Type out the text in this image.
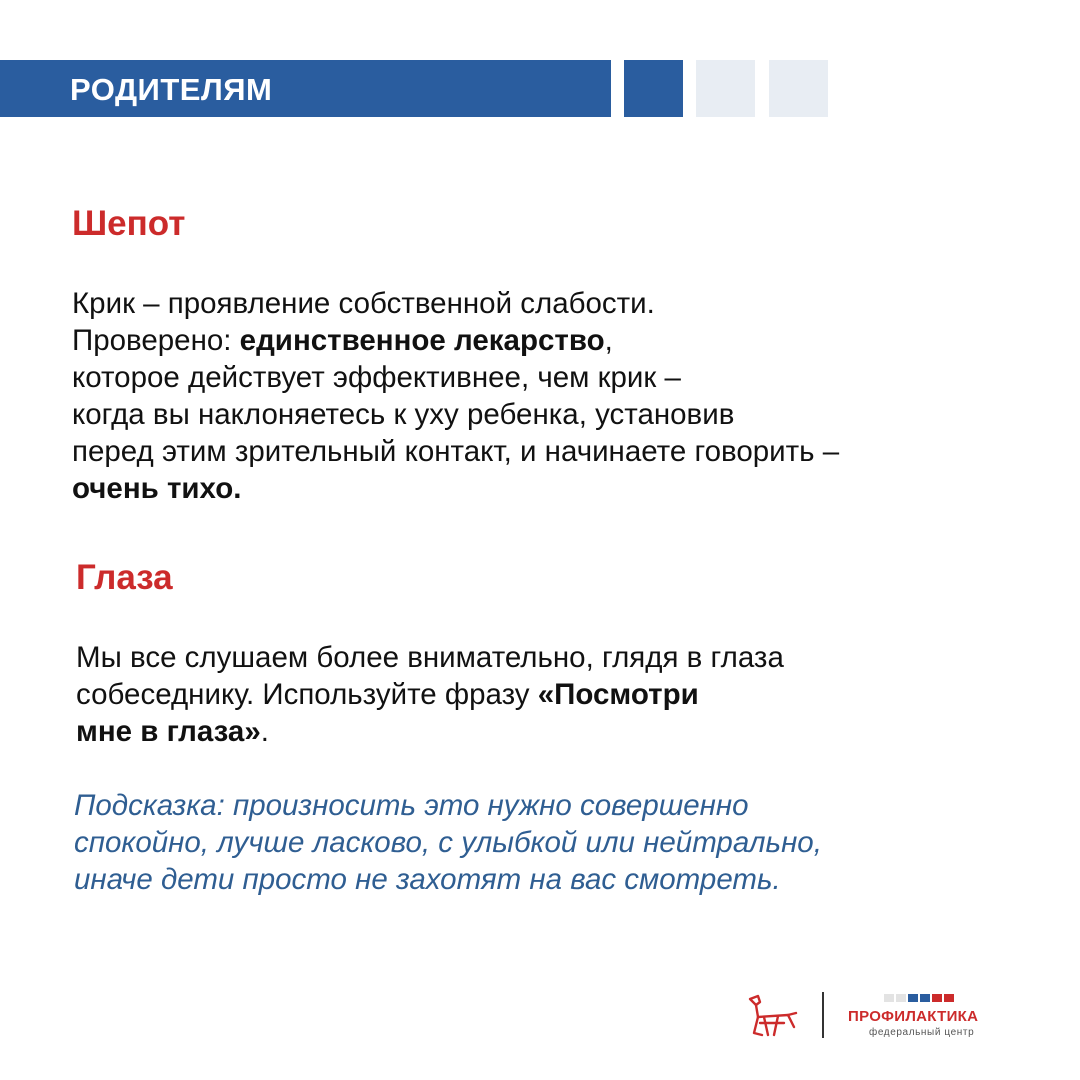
РОДИТЕЛЯМ
Шепот
Крик – проявление собственной слабости.
Проверено: единственное лекарство,
которое действует эффективнее, чем крик –
когда вы наклоняетесь к уху ребенка, установив
перед этим зрительный контакт, и начинаете говорить –
очень тихо.
Глаза
Мы все слушаем более внимательно, глядя в глаза
собеседнику. Используйте фразу «Посмотри
мне в глаза».
Подсказка: произносить это нужно совершенно
спокойно, лучше ласково, с улыбкой или нейтрально,
иначе дети просто не захотят на вас смотреть.
ПРОФИЛАКТИКА
федеральный центр
